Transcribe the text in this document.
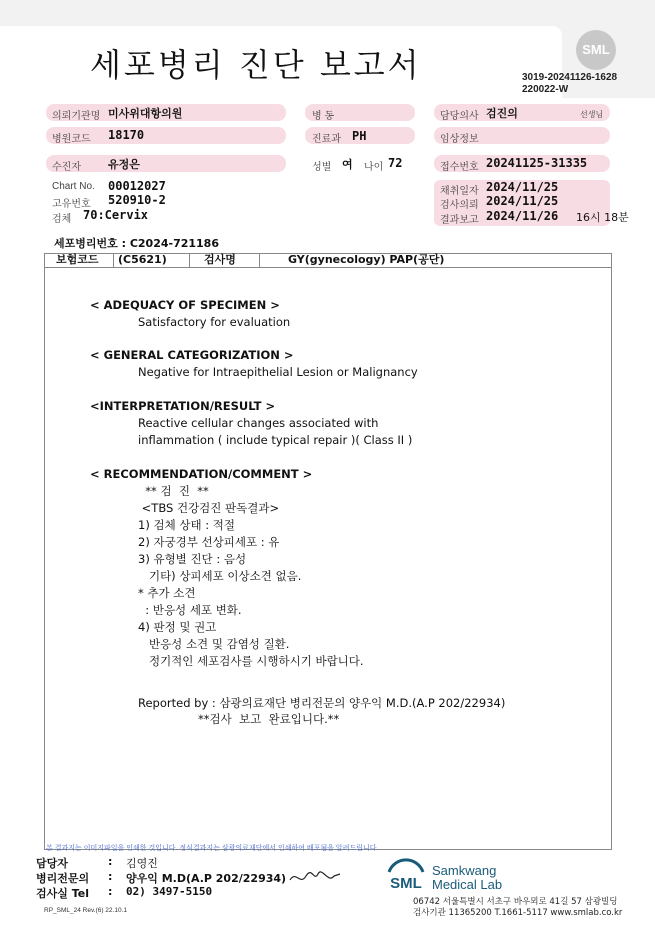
세포병리 진단 보고서	SML
3019-20241126-1628
220022-W
의뢰기관명 미사위대항의원	병 동	담당의사 검진의	선생님
병원코드 18170	진료과 PH	임상정보
수진자 유정은	성별 여 나이 72	접수번호 20241125-31335
Chart No. 00012027
고유번호 520910-2
검체 70:Cervix
채취일자 2024/11/25
검사의뢰 2024/11/25
결과보고 2024/11/26 16시 18분
세포병리번호 : C2024-721186
보험코드	(C5621)	검사명	GY(gynecology) PAP(공단)
< ADEQUACY OF SPECIMEN >
Satisfactory for evaluation
< GENERAL CATEGORIZATION >
Negative for Intraepithelial Lesion or Malignancy
<INTERPRETATION/RESULT >
Reactive cellular changes associated with
inflammation ( include typical repair )( Class II )
< RECOMMENDATION/COMMENT >
** 검  진  **
<TBS 건강검진 판독결과>
1) 검체 상태 : 적절
2) 자궁경부 선상피세포 : 유
3) 유형별 진단 : 음성
기타) 상피세포 이상소견 없음.
* 추가 소견
: 반응성 세포 변화.
4) 판정 및 권고
반응성 소견 및 감염성 질환.
정기적인 세포검사를 시행하시기 바랍니다.
Reported by : 삼광의료재단 병리전문의 양우익 M.D.(A.P 202/22934)
**검사  보고  완료입니다.**
본 결과지는 이미지파일을 인쇄한 것입니다. 정식결과지는 삼광의료재단에서 인쇄하여 배포됨을 알려드립니다.
담당자	: 김영진
병리전문의 : 양우익 M.D(A.P 202/22934)
검사실 Tel : 02) 3497-5150	SML
Samkwang
Medical Lab
06742 서울특별시 서초구 바우뫼로 41길 57 삼광빌딩
검사기관 11365200 T.1661-5117 www.smlab.co.kr
RP_SML_24 Rev.(6) 22.10.1
